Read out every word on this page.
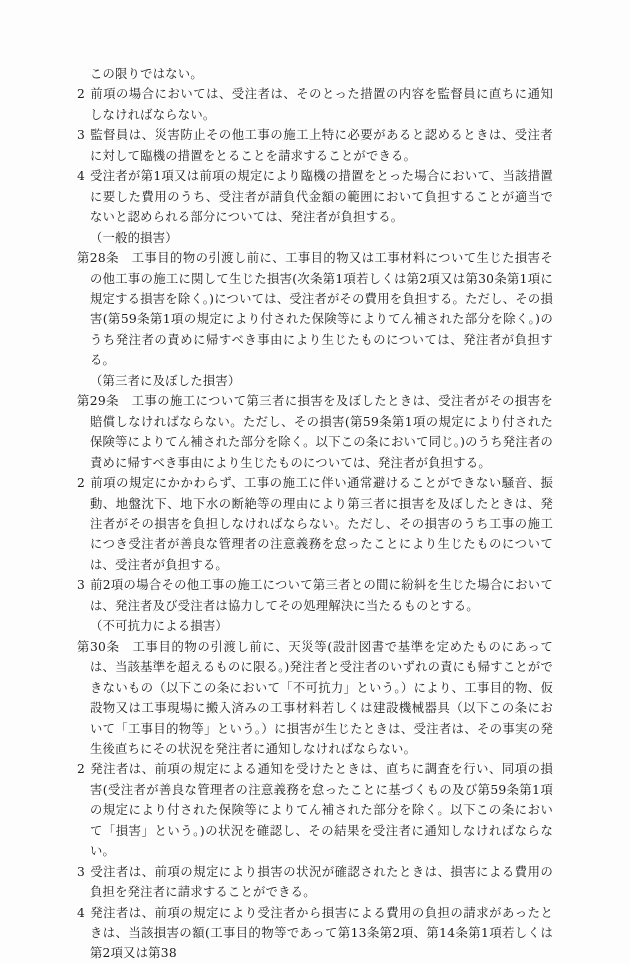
この限りではない。

2 前項の場合においては、受注者は、そのとった措置の内容を監督員に直ちに通知しなければならない。

3 監督員は、災害防止その他工事の施工上特に必要があると認めるときは、受注者に対して臨機の措置をとることを請求することができる。

4 受注者が第1項又は前項の規定により臨機の措置をとった場合において、当該措置に要した費用のうち、受注者が請負代金額の範囲において負担することが適当でないと認められる部分については、発注者が負担する。

（一般的損害）

第28条 工事目的物の引渡し前に、工事目的物又は工事材料について生じた損害その他工事の施工に関して生じた損害(次条第1項若しくは第2項又は第30条第1項に規定する損害を除く。)については、受注者がその費用を負担する。ただし、その損害(第59条第1項の規定により付された保険等によりてん補された部分を除く。)のうち発注者の責めに帰すべき事由により生じたものについては、発注者が負担する。

（第三者に及ぼした損害）

第29条 工事の施工について第三者に損害を及ぼしたときは、受注者がその損害を賠償しなければならない。ただし、その損害(第59条第1項の規定により付された保険等によりてん補された部分を除く。以下この条において同じ。)のうち発注者の責めに帰すべき事由により生じたものについては、発注者が負担する。

2 前項の規定にかかわらず、工事の施工に伴い通常避けることができない騒音、振動、地盤沈下、地下水の断絶等の理由により第三者に損害を及ぼしたときは、発注者がその損害を負担しなければならない。ただし、その損害のうち工事の施工につき受注者が善良な管理者の注意義務を怠ったことにより生じたものについては、受注者が負担する。

3 前2項の場合その他工事の施工について第三者との間に紛糾を生じた場合においては、発注者及び受注者は協力してその処理解決に当たるものとする。

（不可抗力による損害）

第30条 工事目的物の引渡し前に、天災等(設計図書で基準を定めたものにあっては、当該基準を超えるものに限る。)発注者と受注者のいずれの責にも帰すことができないもの（以下この条において「不可抗力」という。）により、工事目的物、仮設物又は工事現場に搬入済みの工事材料若しくは建設機械器具（以下この条において「工事目的物等」という。）に損害が生じたときは、受注者は、その事実の発生後直ちにその状況を発注者に通知しなければならない。

2 発注者は、前項の規定による通知を受けたときは、直ちに調査を行い、同項の損害(受注者が善良な管理者の注意義務を怠ったことに基づくもの及び第59条第1項の規定により付された保険等によりてん補された部分を除く。以下この条において「損害」という。)の状況を確認し、その結果を受注者に通知しなければならない。

3 受注者は、前項の規定により損害の状況が確認されたときは、損害による費用の負担を発注者に請求することができる。

4 発注者は、前項の規定により受注者から損害による費用の負担の請求があったときは、当該損害の額(工事目的物等であって第13条第2項、第14条第1項若しくは第2項又は第38
